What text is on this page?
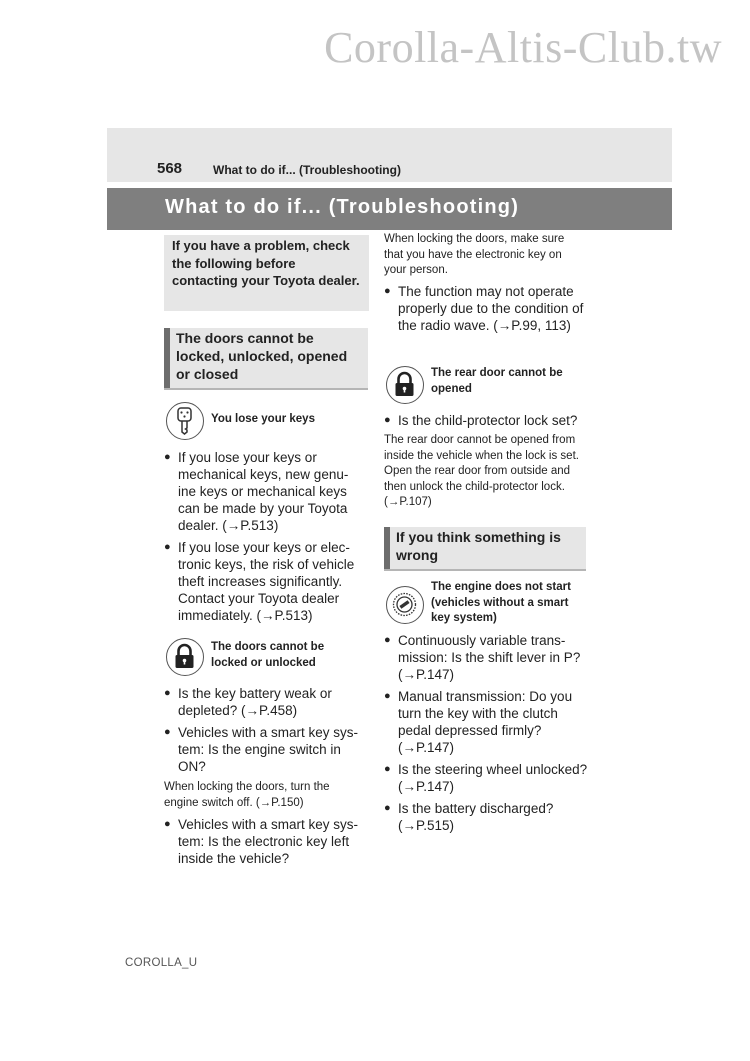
Corolla-Altis-Club.tw
568	What to do if... (Troubleshooting)
What to do if... (Troubleshooting)
If you have a problem, check the following before contacting your Toyota dealer.
The doors cannot be locked, unlocked, opened or closed
You lose your keys
● If you lose your keys or mechanical keys, new genu- ine keys or mechanical keys can be made by your Toyota dealer. (→P.513)
● If you lose your keys or elec- tronic keys, the risk of vehicle theft increases significantly. Contact your Toyota dealer immediately. (→P.513)
The doors cannot be locked or unlocked
● Is the key battery weak or depleted? (→P.458)
● Vehicles with a smart key sys- tem: Is the engine switch in ON?
When locking the doors, turn the engine switch off. (→P.150)
● Vehicles with a smart key sys- tem: Is the electronic key left inside the vehicle?
When locking the doors, make sure that you have the electronic key on your person.
● The function may not operate properly due to the condition of the radio wave. (→P.99, 113)
The rear door cannot be opened
● Is the child-protector lock set?
The rear door cannot be opened from inside the vehicle when the lock is set. Open the rear door from outside and then unlock the child-protector lock. (→P.107)
If you think something is wrong
The engine does not start (vehicles without a smart key system)
● Continuously variable trans- mission: Is the shift lever in P? (→P.147)
● Manual transmission: Do you turn the key with the clutch pedal depressed firmly? (→P.147)
● Is the steering wheel unlocked? (→P.147)
● Is the battery discharged? (→P.515)
COROLLA_U
